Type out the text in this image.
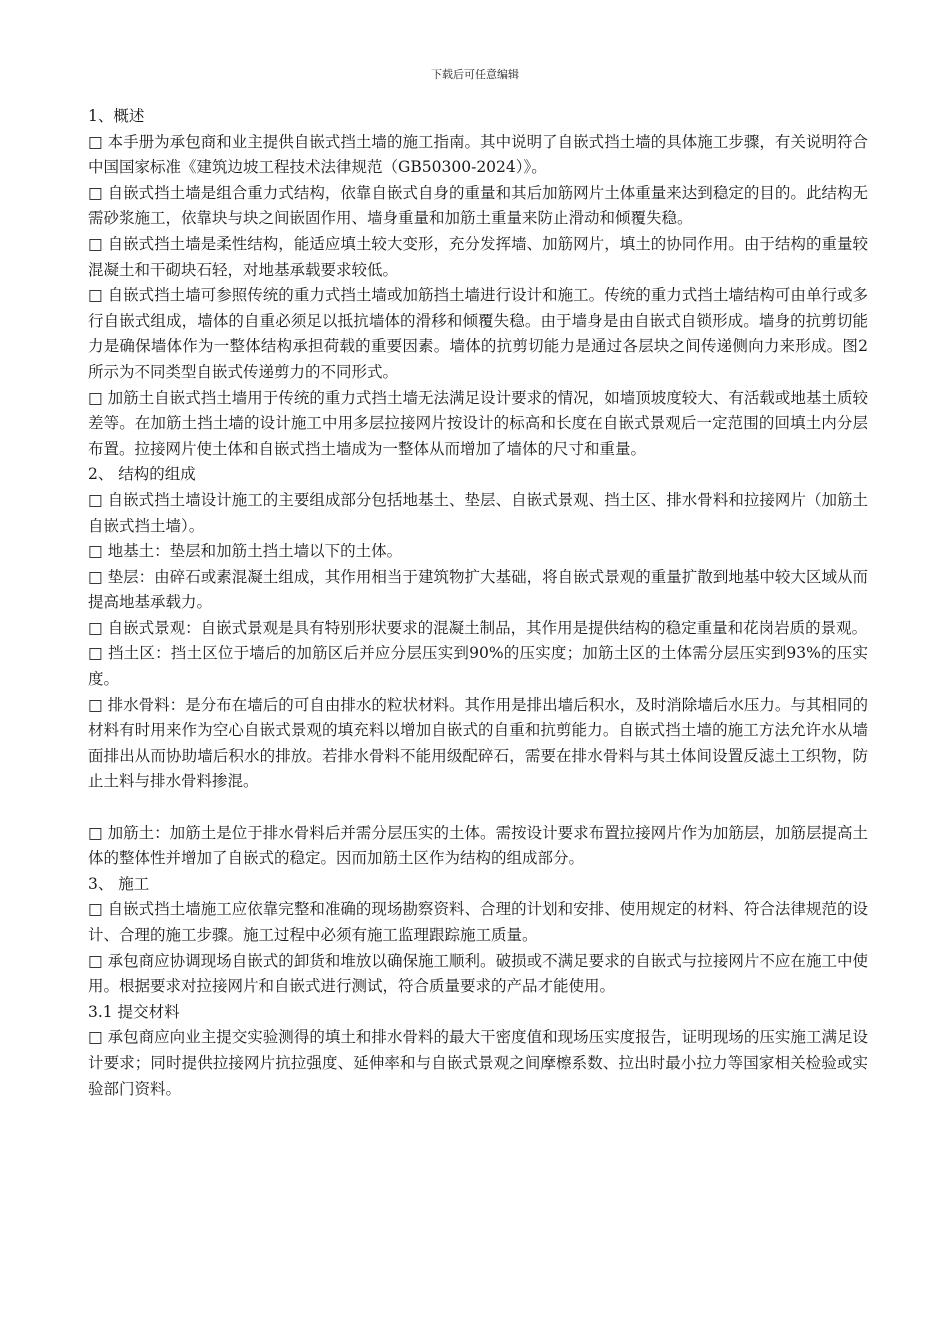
下载后可任意编辑

1、概述

□ 本手册为承包商和业主提供自嵌式挡土墙的施工指南。其中说明了自嵌式挡土墙的具体施工步骤，有关说明符合中国国家标准《建筑边坡工程技术法律规范（GB50300-2024）》。

□ 自嵌式挡土墙是组合重力式结构，依靠自嵌式自身的重量和其后加筋网片土体重量来达到稳定的目的。此结构无需砂浆施工，依靠块与块之间嵌固作用、墙身重量和加筋土重量来防止滑动和倾覆失稳。

□ 自嵌式挡土墙是柔性结构，能适应填土较大变形，充分发挥墙、加筋网片，填土的协同作用。由于结构的重量较混凝土和干砌块石轻，对地基承载要求较低。

□ 自嵌式挡土墙可参照传统的重力式挡土墙或加筋挡土墙进行设计和施工。传统的重力式挡土墙结构可由单行或多行自嵌式组成，墙体的自重必须足以抵抗墙体的滑移和倾覆失稳。由于墙身是由自嵌式自锁形成。墙身的抗剪切能力是确保墙体作为一整体结构承担荷载的重要因素。墙体的抗剪切能力是通过各层块之间传递侧向力来形成。图2所示为不同类型自嵌式传递剪力的不同形式。

□ 加筋土自嵌式挡土墙用于传统的重力式挡土墙无法满足设计要求的情况，如墙顶坡度较大、有活载或地基土质较差等。在加筋土挡土墙的设计施工中用多层拉接网片按设计的标高和长度在自嵌式景观后一定范围的回填土内分层布置。拉接网片使土体和自嵌式挡土墙成为一整体从而增加了墙体的尺寸和重量。

2、 结构的组成

□ 自嵌式挡土墙设计施工的主要组成部分包括地基土、垫层、自嵌式景观、挡土区、排水骨料和拉接网片（加筋土自嵌式挡土墙）。

□ 地基土：垫层和加筋土挡土墙以下的土体。

□ 垫层：由碎石或素混凝土组成，其作用相当于建筑物扩大基础，将自嵌式景观的重量扩散到地基中较大区域从而提高地基承载力。

□ 自嵌式景观：自嵌式景观是具有特别形状要求的混凝土制品，其作用是提供结构的稳定重量和花岗岩质的景观。

□ 挡土区：挡土区位于墙后的加筋区后并应分层压实到90%的压实度；加筋土区的土体需分层压实到93%的压实度。

□ 排水骨料：是分布在墙后的可自由排水的粒状材料。其作用是排出墙后积水，及时消除墙后水压力。与其相同的材料有时用来作为空心自嵌式景观的填充料以增加自嵌式的自重和抗剪能力。自嵌式挡土墙的施工方法允许水从墙面排出从而协助墙后积水的排放。若排水骨料不能用级配碎石，需要在排水骨料与其土体间设置反滤土工织物，防止土料与排水骨料掺混。

□ 加筋土：加筋土是位于排水骨料后并需分层压实的土体。需按设计要求布置拉接网片作为加筋层，加筋层提高土体的整体性并增加了自嵌式的稳定。因而加筋土区作为结构的组成部分。

3、 施工

□ 自嵌式挡土墙施工应依靠完整和准确的现场勘察资料、合理的计划和安排、使用规定的材料、符合法律规范的设计、合理的施工步骤。施工过程中必须有施工监理跟踪施工质量。

□ 承包商应协调现场自嵌式的卸货和堆放以确保施工顺利。破损或不满足要求的自嵌式与拉接网片不应在施工中使用。根据要求对拉接网片和自嵌式进行测试，符合质量要求的产品才能使用。

3.1 提交材料

□ 承包商应向业主提交实验测得的填土和排水骨料的最大干密度值和现场压实度报告，证明现场的压实施工满足设计要求；同时提供拉接网片抗拉强度、延伸率和与自嵌式景观之间摩檫系数、拉出时最小拉力等国家相关检验或实验部门资料。
